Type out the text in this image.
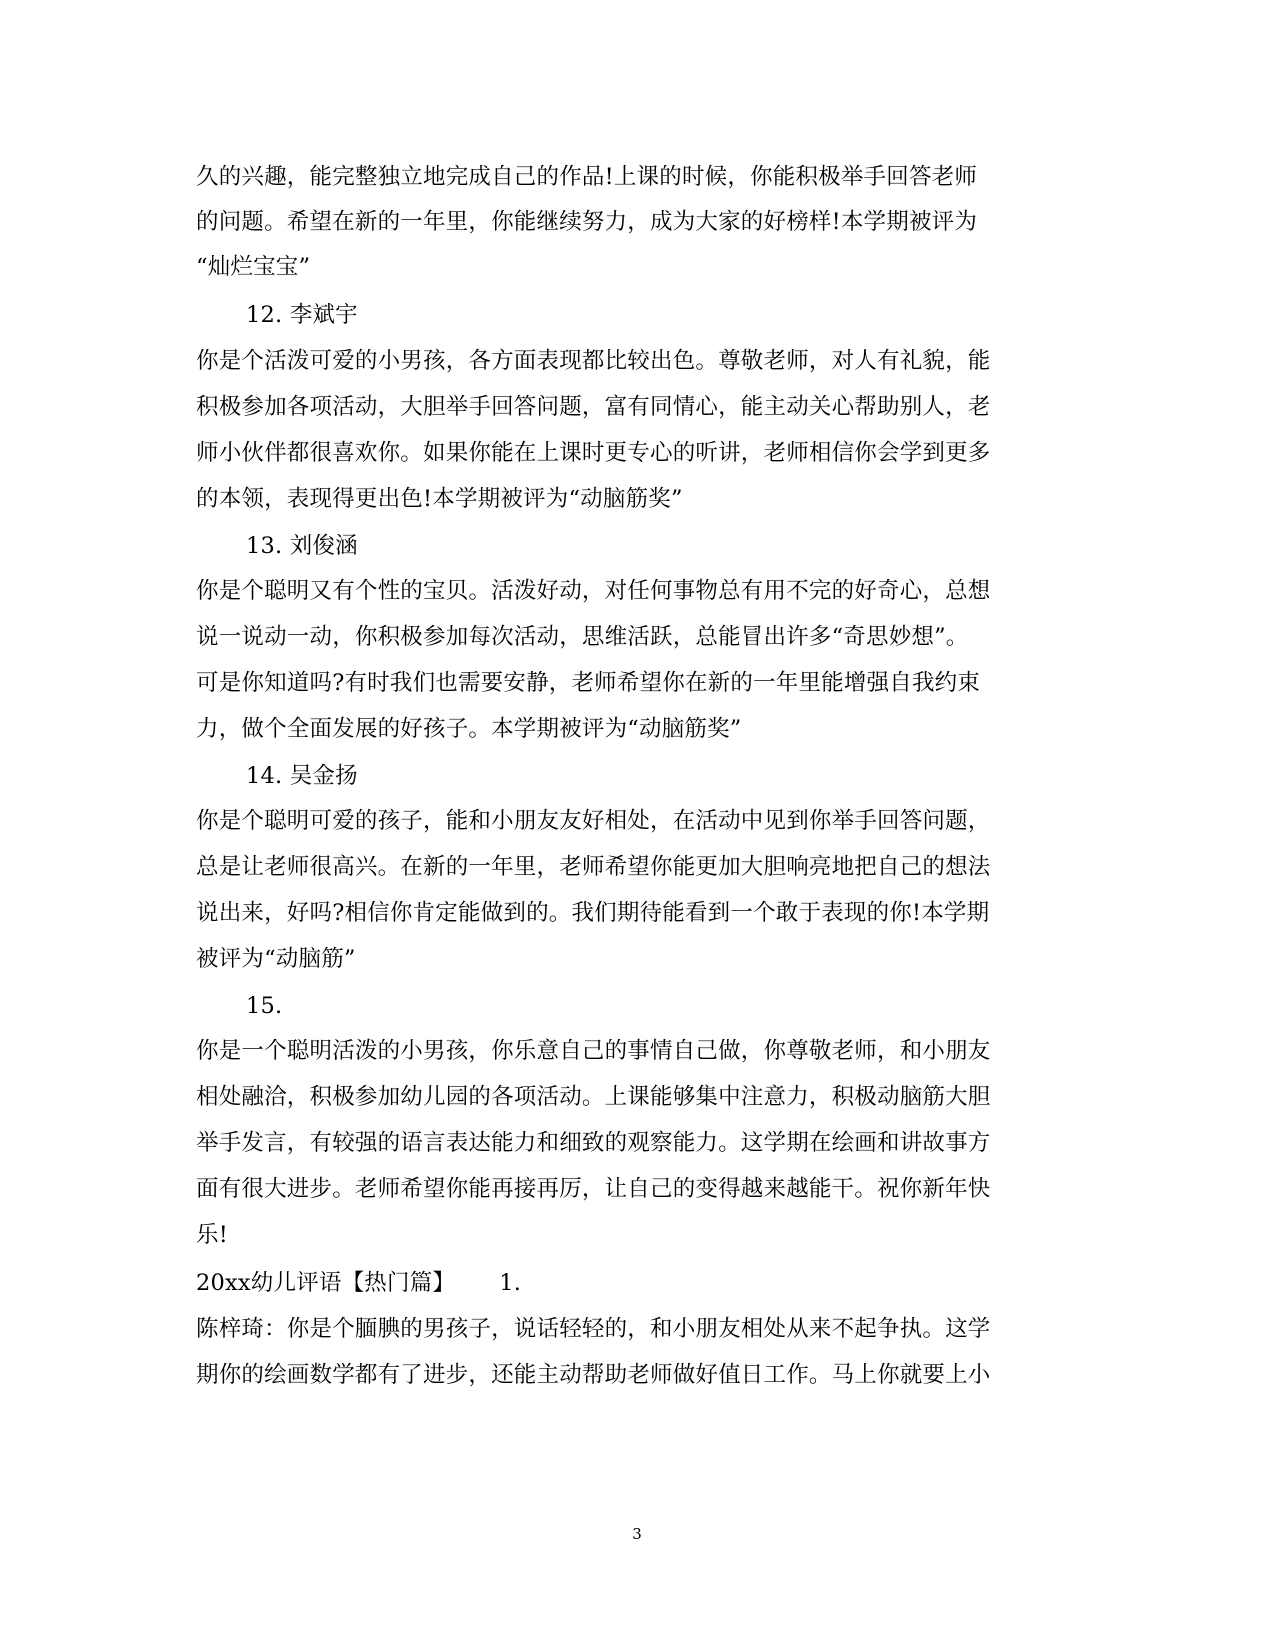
久的兴趣，能完整独立地完成自己的作品!上课的时候，你能积极举手回答老师
的问题。希望在新的一年里，你能继续努力，成为大家的好榜样!本学期被评为
“灿烂宝宝”
12. 李斌宇
你是个活泼可爱的小男孩，各方面表现都比较出色。尊敬老师，对人有礼貌，能
积极参加各项活动，大胆举手回答问题，富有同情心，能主动关心帮助别人，老
师小伙伴都很喜欢你。如果你能在上课时更专心的听讲，老师相信你会学到更多
的本领，表现得更出色!本学期被评为“动脑筋奖”
13. 刘俊涵
你是个聪明又有个性的宝贝。活泼好动，对任何事物总有用不完的好奇心，总想
说一说动一动，你积极参加每次活动，思维活跃，总能冒出许多“奇思妙想”。
可是你知道吗?有时我们也需要安静，老师希望你在新的一年里能增强自我约束
力，做个全面发展的好孩子。本学期被评为“动脑筋奖”
14. 吴金扬
你是个聪明可爱的孩子，能和小朋友友好相处，在活动中见到你举手回答问题，
总是让老师很高兴。在新的一年里，老师希望你能更加大胆响亮地把自己的想法
说出来，好吗?相信你肯定能做到的。我们期待能看到一个敢于表现的你!本学期
被评为“动脑筋”
15.
你是一个聪明活泼的小男孩，你乐意自己的事情自己做，你尊敬老师，和小朋友
相处融洽，积极参加幼儿园的各项活动。上课能够集中注意力，积极动脑筋大胆
举手发言，有较强的语言表达能力和细致的观察能力。这学期在绘画和讲故事方
面有很大进步。老师希望你能再接再厉，让自己的变得越来越能干。祝你新年快
乐!
20xx幼儿评语【热门篇】      1.
陈梓琦：你是个腼腆的男孩子，说话轻轻的，和小朋友相处从来不起争执。这学
期你的绘画数学都有了进步，还能主动帮助老师做好值日工作。马上你就要上小
3
